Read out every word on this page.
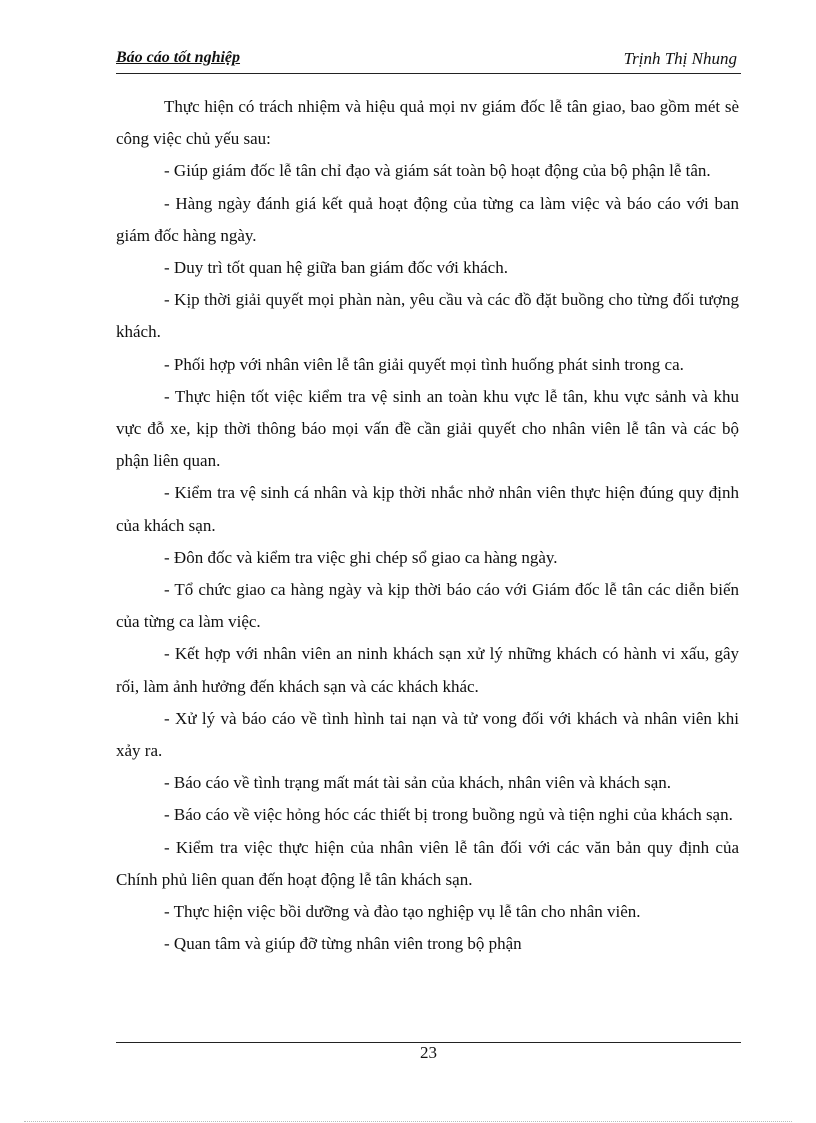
Báo cáo tốt nghiệp	Trịnh Thị Nhung

Thực hiện có trách nhiệm và hiệu quả mọi nv giám đốc lễ tân giao, bao gồm mét sè công việc chủ yếu sau:

- Giúp giám đốc lễ tân chỉ đạo và giám sát toàn bộ hoạt động của bộ phận lễ tân.

- Hàng ngày đánh giá kết quả hoạt động của từng ca làm việc và báo cáo với ban giám đốc hàng ngày.

- Duy trì tốt quan hệ giữa ban giám đốc với khách.

- Kịp thời giải quyết mọi phàn nàn, yêu cầu và các đồ đặt buồng cho từng đối tượng khách.

- Phối hợp với nhân viên lễ tân giải quyết mọi tình huống phát sinh trong ca.

- Thực hiện tốt việc kiểm tra vệ sinh an toàn khu vực lễ tân, khu vực sảnh và khu vực đỗ xe, kịp thời thông báo mọi vấn đề cần giải quyết cho nhân viên lễ tân và các bộ phận liên quan.

- Kiểm tra vệ sinh cá nhân và kịp thời nhắc nhở nhân viên thực hiện đúng quy định của khách sạn.

- Đôn đốc và kiểm tra việc ghi chép sổ giao ca hàng ngày.

- Tổ chức giao ca hàng ngày và kịp thời báo cáo với Giám đốc lễ tân các diễn biến của từng ca làm việc.

- Kết hợp với nhân viên an ninh khách sạn xử lý những khách có hành vi xấu, gây rối, làm ảnh hưởng đến khách sạn và các khách khác.

- Xử lý và báo cáo về tình hình tai nạn và tử vong đối với khách và nhân viên khi xảy ra.

- Báo cáo về tình trạng mất mát tài sản của khách, nhân viên và khách sạn.

- Báo cáo về việc hỏng hóc các thiết bị trong buồng ngủ và tiện nghi của khách sạn.

- Kiểm tra việc thực hiện của nhân viên lễ tân đối với các văn bản quy định của Chính phủ liên quan đến hoạt động lễ tân khách sạn.

- Thực hiện việc bồi dưỡng và đào tạo nghiệp vụ lễ tân cho nhân viên.

- Quan tâm và giúp đỡ từng nhân viên trong bộ phận

23
